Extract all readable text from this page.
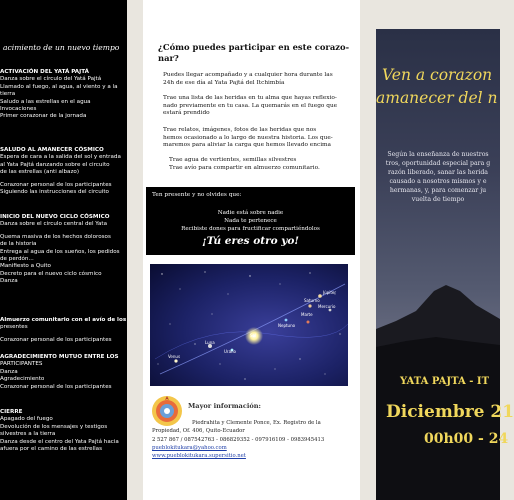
acimiento de un nuevo tiempo
ACTIVACIÓN DEL YATÁ PAJTÁ
Danza sobre el círculo del Yatá Pajtá
Llamado al fuego, al agua, al viento y a la
tierra
Saludo a las estrellas en el agua
Invocaciones
Primer corazonar de la jornada
SALUDO AL AMANECER CÓSMICO
Espera de cara a la salida del sol y entrada
al Yata Pajtá danzando sobre el circuito
de las estrellas (anti albazo)
Corazonar personal de los participantes
Siguiendo las instrucciones del circuito
INICIO DEL NUEVO CICLO CÓSMICO
Danza sobre el circulo central del Yata
Quema masiva de los hechos dolorosos
de la historia
Entrega al agua de los sueños, los pedidos
de perdón...
Manifiesto a Quito
Decreto para el nuevo ciclo cósmico
Danza
Almuerzo comunitario con el avío de los
presentes
Corazonar personal de los participantes
AGRADECIMIENTO MUTUO ENTRE LOS
PARTICIPANTES
Danza
Agradecimiento
Corazonar personal de los participantes
CIERRE
Apagado del fuego
Devolución de los mensajes y testigos
silvestres a la tierra
Danza desde el centro del Yata Pajtá hacia
afuera por el camino de las estrellas
¿Cómo puedes participar en este corazo-
nar?
Puedes llegar acompañado y a cualquier hora durante las
24h de ese día al Yata Pajtá del Itchimbía
Trae una lista de las heridas en tu alma que hayas reflexio-
nado previamente en tu casa. La quemarás en el fuego que
estará prendido
Trae relatos, imágenes, fotos de las heridas que nos
hemos ocasionado a lo largo de nuestra historia. Los que-
maremos para aliviar la carga que hemos llevado encima
Trae agua de vertientes, semillas silvestres
Trae avío para compartir en almuerzo comunitario.
Ten presente y no olvides que:
Nadie está sobre nadie
Nada te pertenece
Recibiste dones para fructificar compartiéndolos
¡Tú eres otro yo!
Júpiter
Saturno
Mercurio
Neptuno
Marte
Sol
Urano
Luna
Venus
Mayor información:
Piedrahita y Clemente Ponce, Ex. Registro de la
Propiedad, Of. 406, Quito-Ecuador
2 527 867 / 087542763 - 086829352 - 097916109 - 0983945413
pueblokitukara@yahoo.com
www.pueblokitukara.supersitio.net
Ven a corazon
amanecer del n
Según la enseñanza de nuestros
tros, oportunidad especial para g
razón liberado, sanar las herida
causado a nosotros mismos y e
hermanas, y, para comenzar ju
vuelta de tiempo
YATA PAJTA - IT
Diciembre 21
00h00 - 24
